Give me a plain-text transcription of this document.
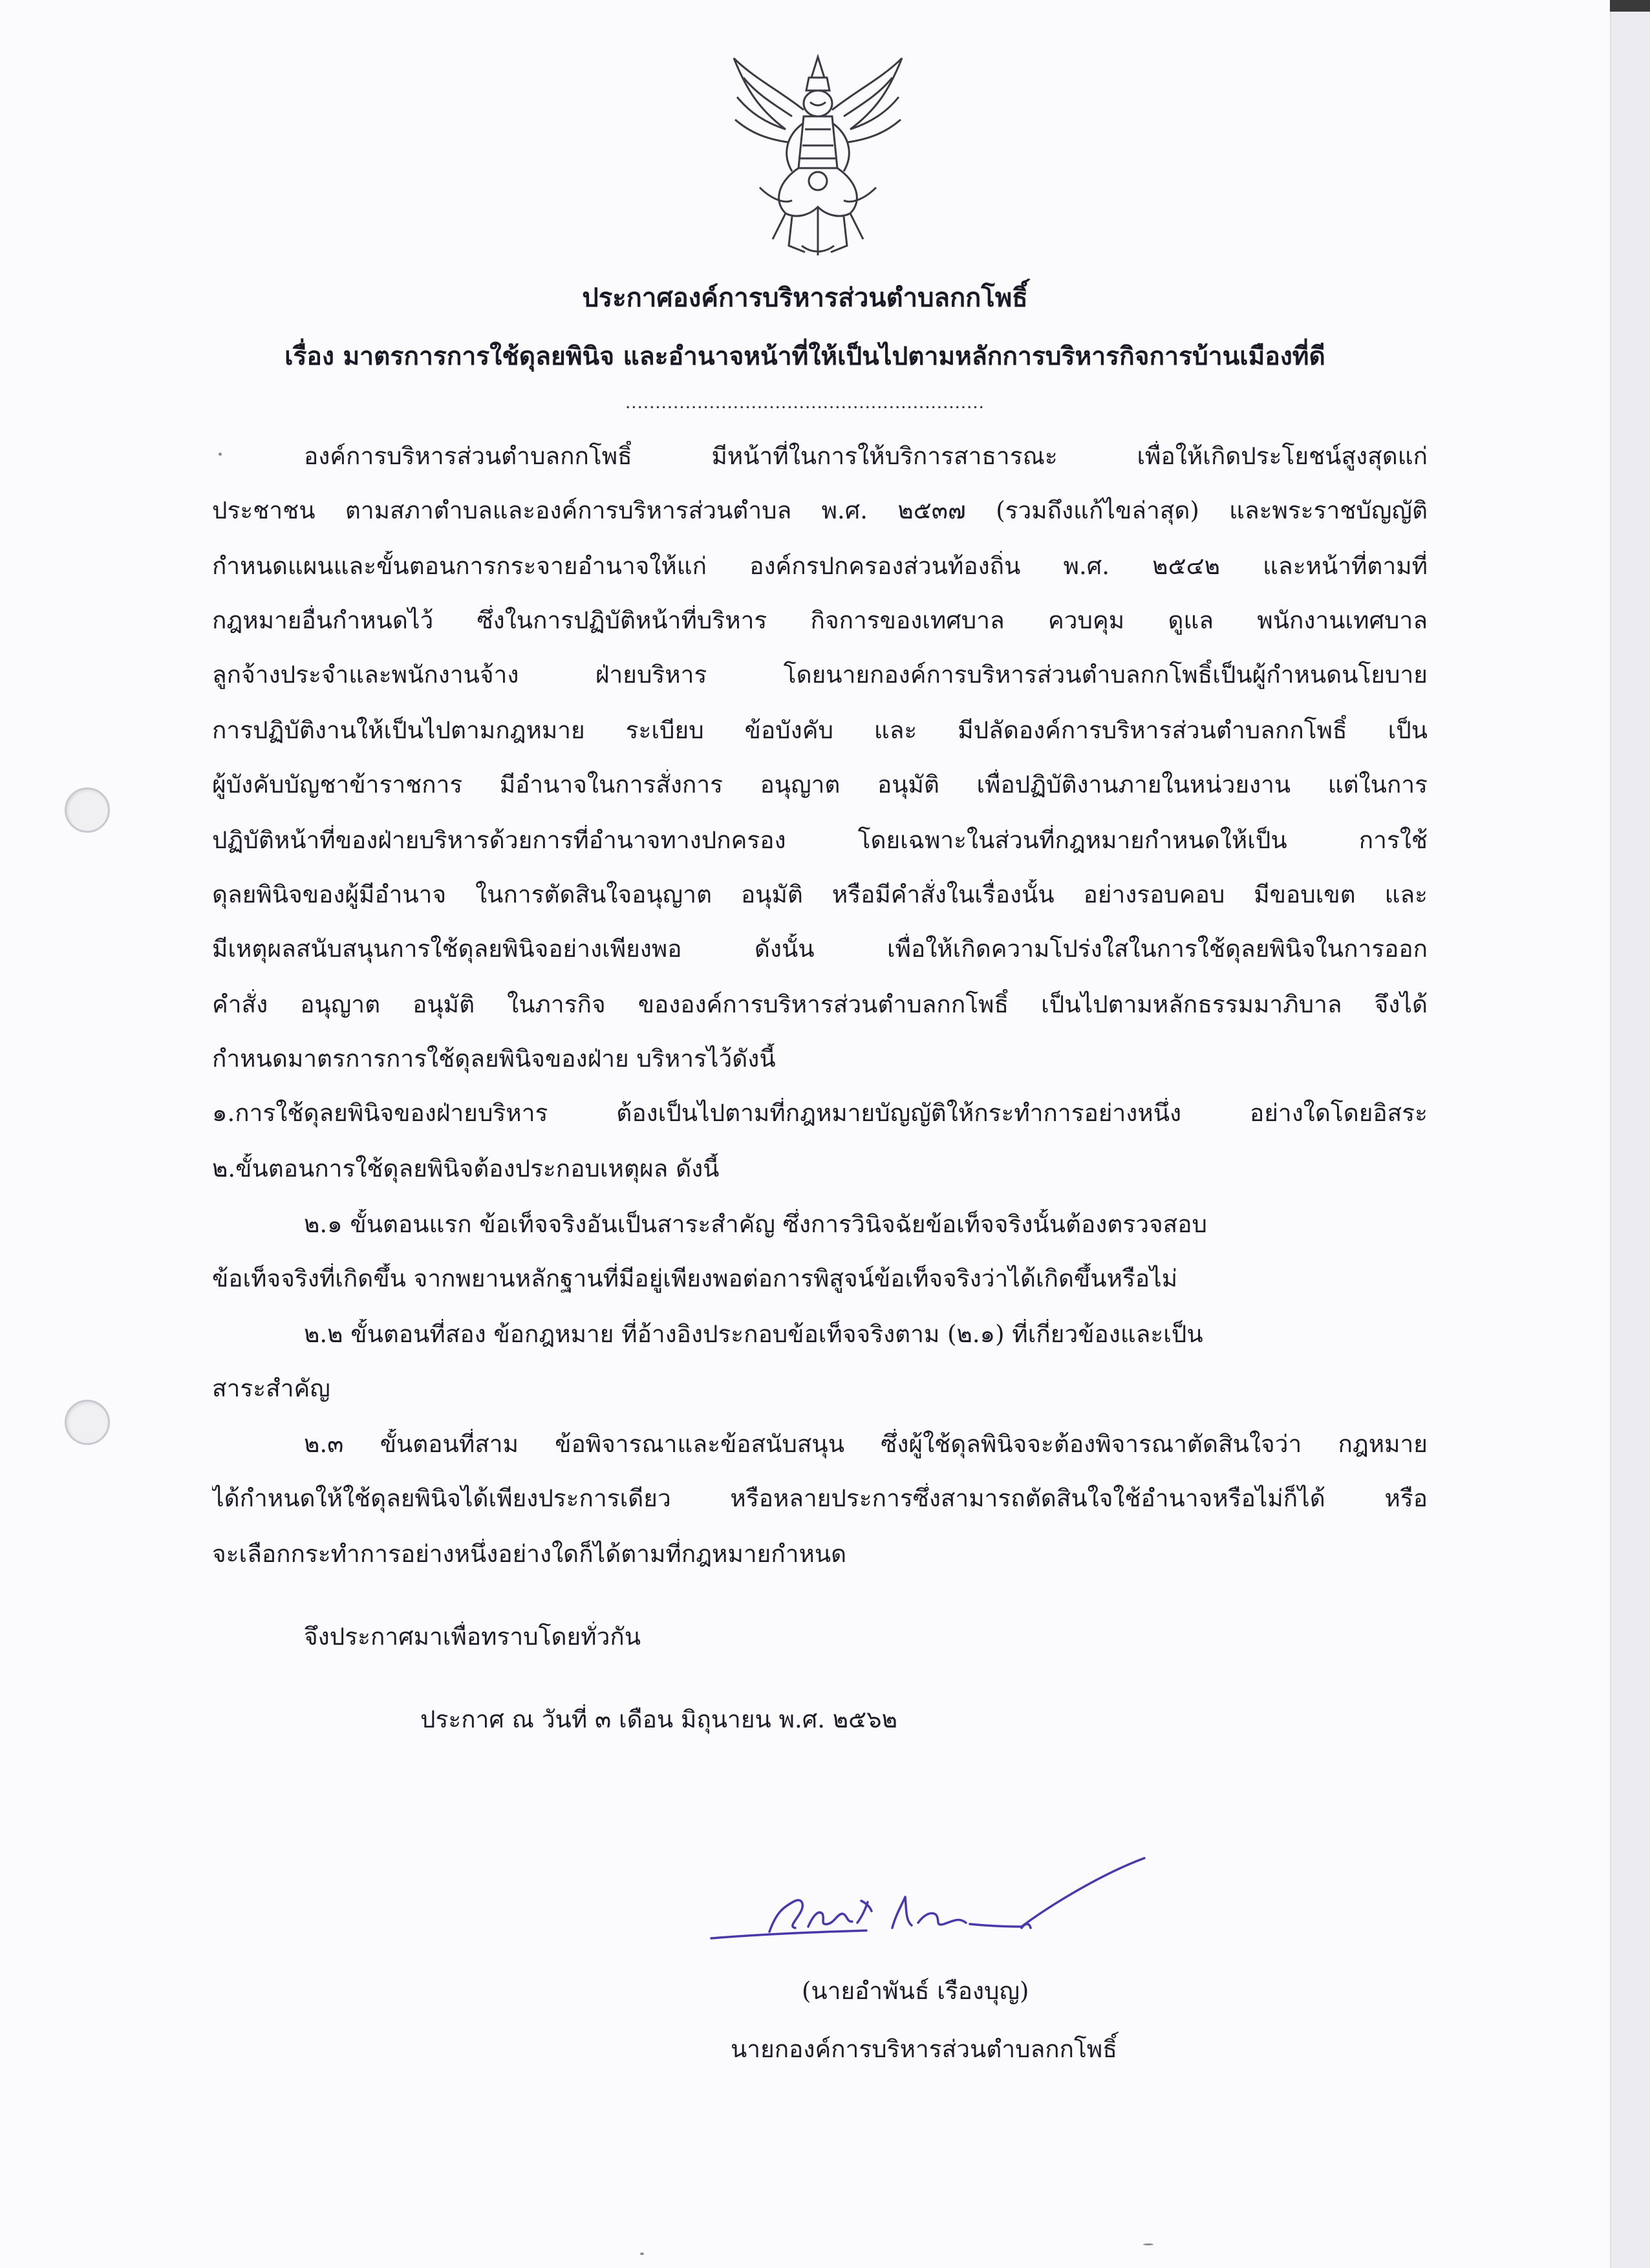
ประกาศองค์การบริหารส่วนตำบลกกโพธิ์
เรื่อง มาตรการการใช้ดุลยพินิจ และอำนาจหน้าที่ให้เป็นไปตามหลักการบริหารกิจการบ้านเมืองที่ดี
............................................................
องค์การบริหารส่วนตำบลกกโพธิ์ มีหน้าที่ในการให้บริการสาธารณะ เพื่อให้เกิดประโยชน์สูงสุดแก่
ประชาชน ตามสภาตำบลและองค์การบริหารส่วนตำบล พ.ศ. ๒๕๓๗ (รวมถึงแก้ไขล่าสุด) และพระราชบัญญัติ
กำหนดแผนและขั้นตอนการกระจายอำนาจให้แก่ องค์กรปกครองส่วนท้องถิ่น พ.ศ. ๒๕๔๒ และหน้าที่ตามที่
กฎหมายอื่นกำหนดไว้ ซึ่งในการปฏิบัติหน้าที่บริหาร กิจการของเทศบาล ควบคุม ดูแล พนักงานเทศบาล
ลูกจ้างประจำและพนักงานจ้าง ฝ่ายบริหาร โดยนายกองค์การบริหารส่วนตำบลกกโพธิ์เป็นผู้กำหนดนโยบาย
การปฏิบัติงานให้เป็นไปตามกฎหมาย ระเบียบ ข้อบังคับ และ มีปลัดองค์การบริหารส่วนตำบลกกโพธิ์ เป็น
ผู้บังคับบัญชาข้าราชการ มีอำนาจในการสั่งการ อนุญาต อนุมัติ เพื่อปฏิบัติงานภายในหน่วยงาน แต่ในการ
ปฏิบัติหน้าที่ของฝ่ายบริหารด้วยการที่อำนาจทางปกครอง โดยเฉพาะในส่วนที่กฎหมายกำหนดให้เป็น การใช้
ดุลยพินิจของผู้มีอำนาจ ในการตัดสินใจอนุญาต อนุมัติ หรือมีคำสั่งในเรื่องนั้น อย่างรอบคอบ มีขอบเขต และ
มีเหตุผลสนับสนุนการใช้ดุลยพินิจอย่างเพียงพอ ดังนั้น เพื่อให้เกิดความโปร่งใสในการใช้ดุลยพินิจในการออก
คำสั่ง อนุญาต อนุมัติ ในภารกิจ ขององค์การบริหารส่วนตำบลกกโพธิ์ เป็นไปตามหลักธรรมมาภิบาล จึงได้
กำหนดมาตรการการใช้ดุลยพินิจของฝ่าย บริหารไว้ดังนี้
๑.การใช้ดุลยพินิจของฝ่ายบริหาร ต้องเป็นไปตามที่กฎหมายบัญญัติให้กระทำการอย่างหนึ่ง อย่างใดโดยอิสระ
๒.ขั้นตอนการใช้ดุลยพินิจต้องประกอบเหตุผล ดังนี้
๒.๑ ขั้นตอนแรก ข้อเท็จจริงอันเป็นสาระสำคัญ ซึ่งการวินิจฉัยข้อเท็จจริงนั้นต้องตรวจสอบ
ข้อเท็จจริงที่เกิดขึ้น จากพยานหลักฐานที่มีอยู่เพียงพอต่อการพิสูจน์ข้อเท็จจริงว่าได้เกิดขึ้นหรือไม่
๒.๒ ขั้นตอนที่สอง ข้อกฎหมาย ที่อ้างอิงประกอบข้อเท็จจริงตาม (๒.๑) ที่เกี่ยวข้องและเป็น
สาระสำคัญ
๒.๓ ขั้นตอนที่สาม ข้อพิจารณาและข้อสนับสนุน ซึ่งผู้ใช้ดุลพินิจจะต้องพิจารณาตัดสินใจว่า กฎหมาย
ได้กำหนดให้ใช้ดุลยพินิจได้เพียงประการเดียว หรือหลายประการซึ่งสามารถตัดสินใจใช้อำนาจหรือไม่ก็ได้ หรือ
จะเลือกกระทำการอย่างหนึ่งอย่างใดก็ได้ตามที่กฎหมายกำหนด
จึงประกาศมาเพื่อทราบโดยทั่วกัน
ประกาศ ณ วันที่ ๓ เดือน มิถุนายน พ.ศ. ๒๕๖๒
(นายอำพันธ์ เรืองบุญ)
นายกองค์การบริหารส่วนตำบลกกโพธิ์
